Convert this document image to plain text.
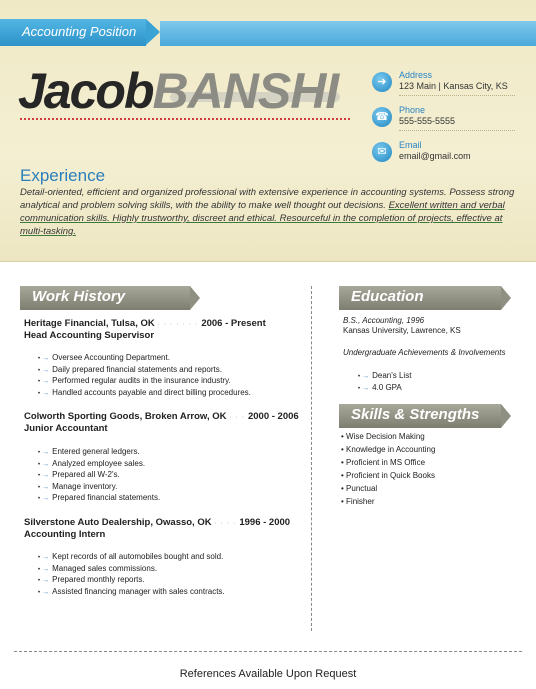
Accounting Position
JacobBANSHI	➜
Address
123 Main | Kansas City, KS
☎
Phone
555-555-5555
✉
Email
email@gmail.com
Experience
Detail-oriented, efficient and organized professional with extensive experience in accounting systems. Possess strong analytical and problem solving skills, with the ability to make well thought out decisions. Excellent written and verbal communication skills. Highly trustworthy, discreet and ethical. Resourceful in the completion of projects, effective at multi-tasking.
Work History
Heritage Financial, Tulsa, OK · · · · · · · 2006 - Present
Head Accounting Supervisor
• → Oversee Accounting Department.
• → Daily prepared financial statements and reports.
• → Performed regular audits in the insurance industry.
• → Handled accounts payable and direct billing procedures.
Colworth Sporting Goods, Broken Arrow, OK · · · 2000 - 2006
Junior Accountant
• → Entered general ledgers.
• → Analyzed employee sales.
• → Prepared all W-2's.
• → Manage inventory.
• → Prepared financial statements.
Silverstone Auto Dealership, Owasso, OK · · · · 1996 - 2000
Accounting Intern
• → Kept records of all automobiles bought and sold.
• → Managed sales commissions.
• → Prepared monthly reports.
• → Assisted financing manager with sales contracts.
Education
B.S., Accounting, 1996
Kansas University, Lawrence, KS
Undergraduate Achievements & Involvements
• → Dean's List
• → 4.0 GPA
Skills & Strengths
• Wise Decision Making
• Knowledge in Accounting
• Proficient in MS Office
• Proficient in Quick Books
• Punctual
• Finisher
References Available Upon Request
